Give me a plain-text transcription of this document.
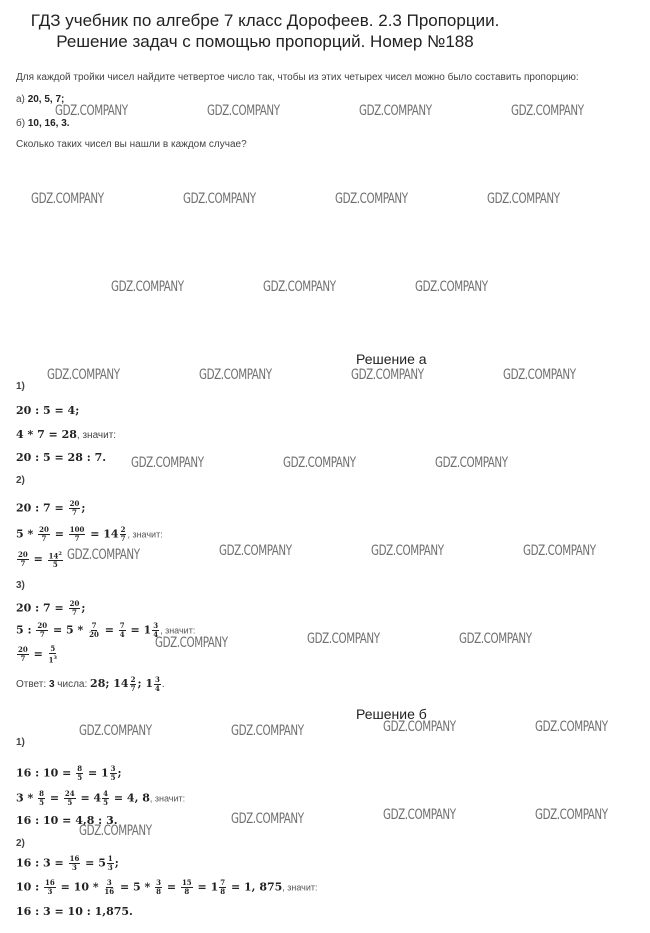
ГДЗ учебник по алгебре 7 класс Дорофеев. 2.3 Пропорции.
Решение задач с помощью пропорций. Номер №188
Для каждой тройки чисел найдите четвертое число так, чтобы из этих четырех чисел можно было составить пропорцию:
а) 20, 5, 7;
б) 10, 16, 3.
Сколько таких чисел вы нашли в каждом случае?
Решение а
1)
20 : 5 = 4;
4 * 7 = 28, значит:
20 : 5 = 28 : 7.
2)
20 : $7 = \frac{20}{7}$ ;
$5 * \frac{20}{7} = \frac{100}{7} = 14 \frac{2}{7}$ , значит:
$\frac{20}{7} = \frac{14^2}{5}$
3)
20 : $7 = \frac{20}{7}$ ;
5 : $\frac{20}{7} = 5 * \frac{7}{20} = \frac{7}{4} = 1 \frac{3}{4}$ , значит:
$\frac{20}{7} = \frac{5}{1^3}$
Ответ: 3 числа: 28; $14 \frac{2}{7}$ ; $1 \frac{3}{4}$ .
Решение б
1)
16 : $10 = \frac{8}{5} = 1 \frac{3}{5}$ ;
$3 * \frac{8}{5} = \frac{24}{5} = 4 \frac{4}{5} = 4$, 8, значит:
16 : 10 = 4,8 : 3.
2)
16 : $3 = \frac{16}{3} = 5 \frac{1}{3}$ ;
10 : $\frac{16}{3} = 10 * \frac{3}{16} = 5 * \frac{3}{8} = \frac{15}{8} = 1 \frac{7}{8} = 1$, 875, значит:
16 : 3 = 10 : 1,875.
GDZ.COMPANY	GDZ.COMPANY	GDZ.COMPANY	GDZ.COMPANY
GDZ.COMPANY	GDZ.COMPANY	GDZ.COMPANY	GDZ.COMPANY
GDZ.COMPANY	GDZ.COMPANY	GDZ.COMPANY
GDZ.COMPANY	GDZ.COMPANY	GDZ.COMPANY	GDZ.COMPANY
GDZ.COMPANY	GDZ.COMPANY	GDZ.COMPANY
GDZ.COMPANY	GDZ.COMPANY	GDZ.COMPANY	GDZ.COMPANY
GDZ.COMPANY	GDZ.COMPANY	GDZ.COMPANY
GDZ.COMPANY	GDZ.COMPANY	GDZ.COMPANY	GDZ.COMPANY
GDZ.COMPANY
GDZ.COMPANY	GDZ.COMPANY	GDZ.COMPANY
